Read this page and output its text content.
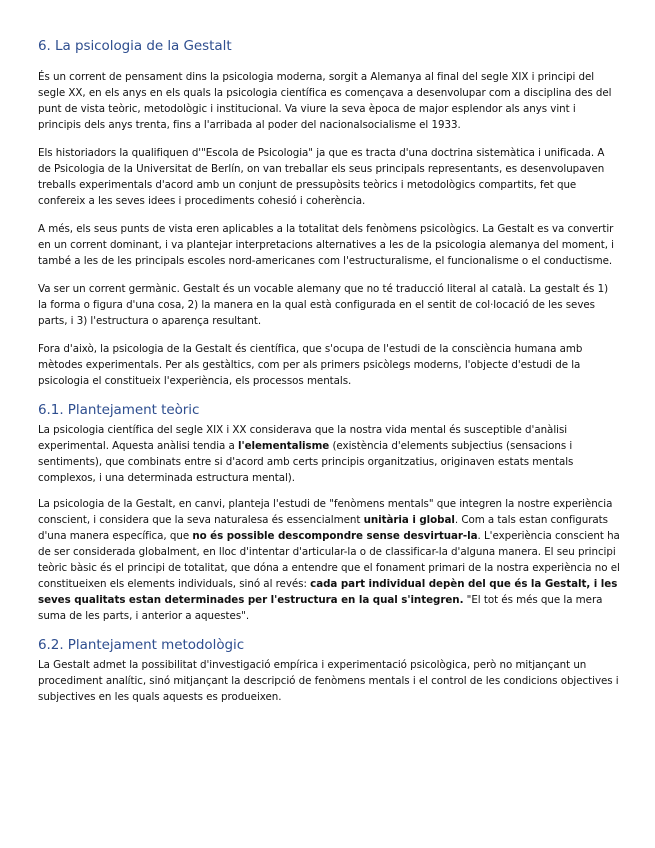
6. La psicologia de la Gestalt

És un corrent de pensament dins la psicologia moderna, sorgit a Alemanya al final del segle XIX i principi del segle XX, en els anys en els quals la psicologia científica es començava a desenvolupar com a disciplina des del punt de vista teòric, metodològic i institucional. Va viure la seva època de major esplendor als anys vint i principis dels anys trenta, fins a l'arribada al poder del nacionalsocialisme el 1933.

Els historiadors la qualifiquen d'"Escola de Psicologia" ja que es tracta d'una doctrina sistemàtica i unificada. A de Psicologia de la Universitat de Berlín, on van treballar els seus principals representants, es desenvolupaven treballs experimentals d'acord amb un conjunt de pressupòsits teòrics i metodològics compartits, fet que confereix a les seves idees i procediments cohesió i coherència.

A més, els seus punts de vista eren aplicables a la totalitat dels fenòmens psicològics. La Gestalt es va convertir en un corrent dominant, i va plantejar interpretacions alternatives a les de la psicologia alemanya del moment, i també a les de les principals escoles nord-americanes com l'estructuralisme, el funcionalisme o el conductisme.

Va ser un corrent germànic. Gestalt és un vocable alemany que no té traducció literal al català. La gestalt és 1) la forma o figura d'una cosa, 2) la manera en la qual està configurada en el sentit de col·locació de les seves parts, i 3) l'estructura o aparença resultant.

Fora d'això, la psicologia de la Gestalt és científica, que s'ocupa de l'estudi de la consciència humana amb mètodes experimentals. Per als gestàltics, com per als primers psicòlegs moderns, l'objecte d'estudi de la psicologia el constitueix l'experiència, els processos mentals.

6.1. Plantejament teòric

La psicologia científica del segle XIX i XX considerava que la nostra vida mental és susceptible d'anàlisi experimental. Aquesta anàlisi tendia a l'elementalisme (existència d'elements subjectius (sensacions i sentiments), que combinats entre si d'acord amb certs principis organitzatius, originaven estats mentals complexos, i una determinada estructura mental).

La psicologia de la Gestalt, en canvi, planteja l'estudi de "fenòmens mentals" que integren la nostre experiència conscient, i considera que la seva naturalesa és essencialment unitària i global. Com a tals estan configurats d'una manera específica, que no és possible descompondre sense desvirtuar-la. L'experiència conscient ha de ser considerada globalment, en lloc d'intentar d'articular-la o de classificar-la d'alguna manera. El seu principi teòric bàsic és el principi de totalitat, que dóna a entendre que el fonament primari de la nostra experiència no el constitueixen els elements individuals, sinó al revés: cada part individual depèn del que és la Gestalt, i les seves qualitats estan determinades per l'estructura en la qual s'integren. "El tot és més que la mera suma de les parts, i anterior a aquestes".

6.2. Plantejament metodològic

La Gestalt admet la possibilitat d'investigació empírica i experimentació psicològica, però no mitjançant un procediment analític, sinó mitjançant la descripció de fenòmens mentals i el control de les condicions objectives i subjectives en les quals aquests es produeixen.
